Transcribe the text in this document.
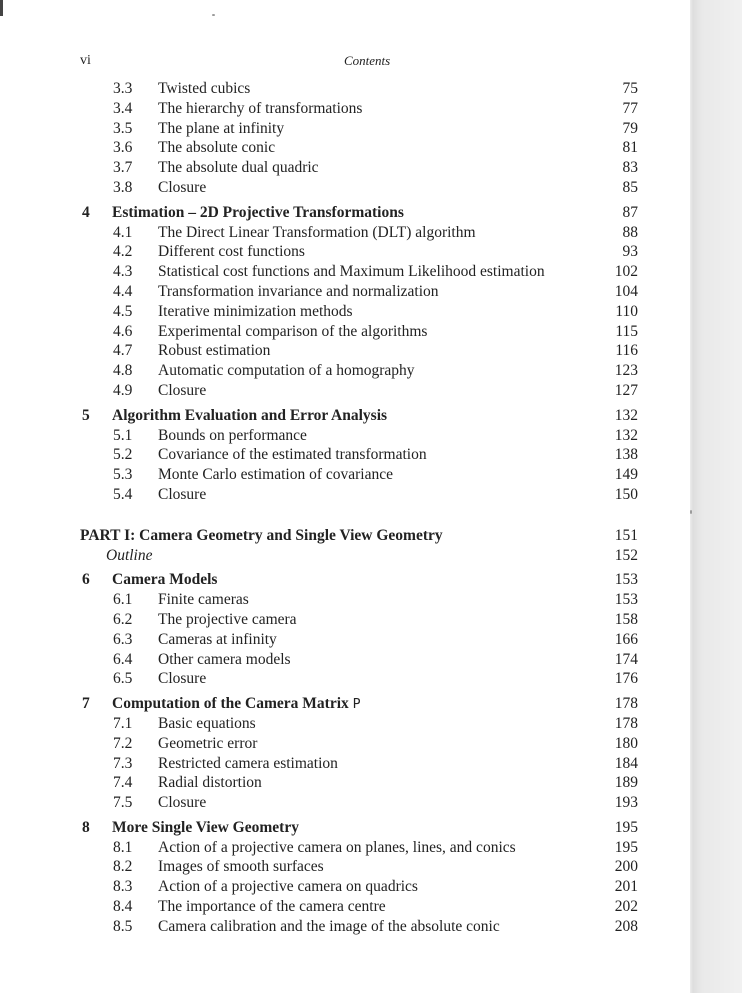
vi	Contents
3.3 Twisted cubics	75
3.4 The hierarchy of transformations	77
3.5 The plane at infinity	79
3.6 The absolute conic	81
3.7 The absolute dual quadric	83
3.8 Closure	85
4 Estimation – 2D Projective Transformations	87
4.1 The Direct Linear Transformation (DLT) algorithm	88
4.2 Different cost functions	93
4.3 Statistical cost functions and Maximum Likelihood estimation	102
4.4 Transformation invariance and normalization	104
4.5 Iterative minimization methods	110
4.6 Experimental comparison of the algorithms	115
4.7 Robust estimation	116
4.8 Automatic computation of a homography	123
4.9 Closure	127
5 Algorithm Evaluation and Error Analysis	132
5.1 Bounds on performance	132
5.2 Covariance of the estimated transformation	138
5.3 Monte Carlo estimation of covariance	149
5.4 Closure	150
PART I: Camera Geometry and Single View Geometry	151
Outline	152
6 Camera Models	153
6.1 Finite cameras	153
6.2 The projective camera	158
6.3 Cameras at infinity	166
6.4 Other camera models	174
6.5 Closure	176
7 Computation of the Camera Matrix P	178
7.1 Basic equations	178
7.2 Geometric error	180
7.3 Restricted camera estimation	184
7.4 Radial distortion	189
7.5 Closure	193
8 More Single View Geometry	195
8.1 Action of a projective camera on planes, lines, and conics	195
8.2 Images of smooth surfaces	200
8.3 Action of a projective camera on quadrics	201
8.4 The importance of the camera centre	202
8.5 Camera calibration and the image of the absolute conic	208
